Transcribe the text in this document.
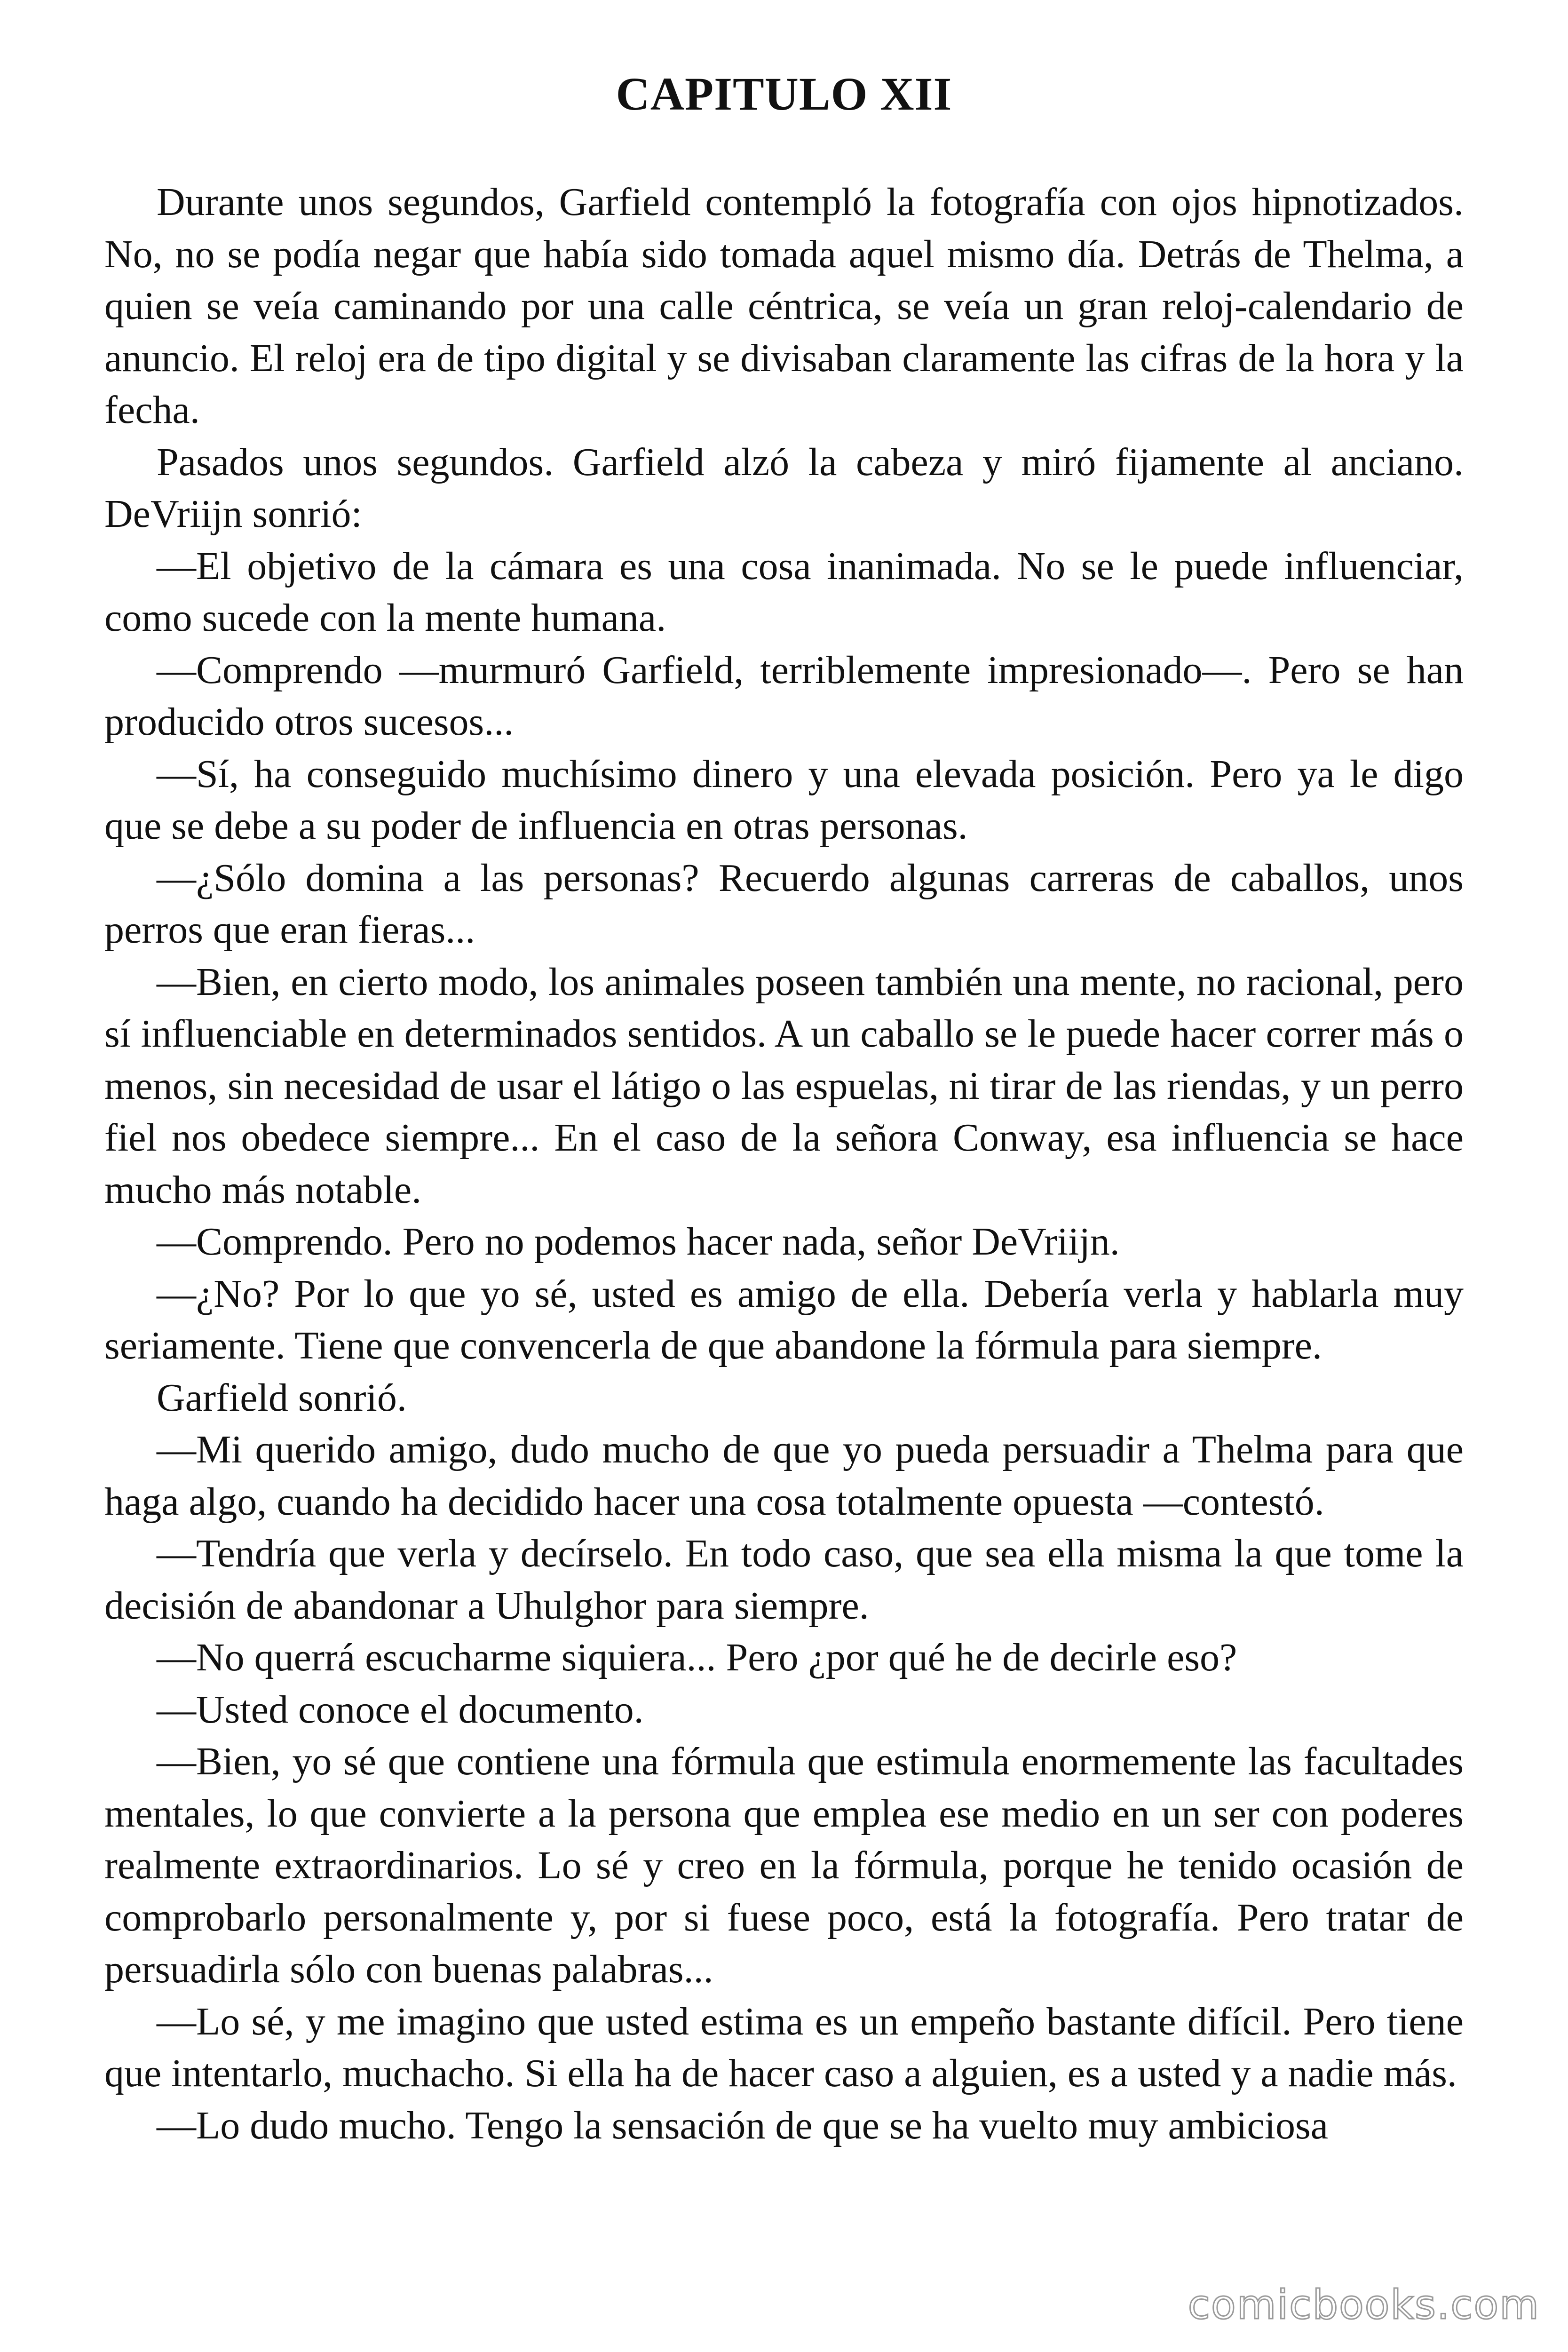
CAPITULO XII

Durante unos segundos, Garfield contempló la fotografía con ojos hipnotizados. No, no se podía negar que había sido tomada aquel mismo día. Detrás de Thelma, a quien se veía caminando por una calle céntrica, se veía un gran reloj-calendario de anuncio. El reloj era de tipo digital y se divisaban claramente las cifras de la hora y la fecha.

Pasados unos segundos. Garfield alzó la cabeza y miró fijamente al anciano. DeVriijn sonrió:

—El objetivo de la cámara es una cosa inanimada. No se le puede influenciar, como sucede con la mente humana.

—Comprendo —murmuró Garfield, terriblemente impresionado—. Pero se han producido otros sucesos...

—Sí, ha conseguido muchísimo dinero y una elevada posición. Pero ya le digo que se debe a su poder de influencia en otras personas.

—¿Sólo domina a las personas? Recuerdo algunas carreras de caballos, unos perros que eran fieras...

—Bien, en cierto modo, los animales poseen también una mente, no racional, pero sí influenciable en determinados sentidos. A un caballo se le puede hacer correr más o menos, sin necesidad de usar el látigo o las espuelas, ni tirar de las riendas, y un perro fiel nos obedece siempre... En el caso de la señora Conway, esa influencia se hace mucho más notable.

—Comprendo. Pero no podemos hacer nada, señor DeVriijn.

—¿No? Por lo que yo sé, usted es amigo de ella. Debería verla y hablarla muy seriamente. Tiene que convencerla de que abandone la fórmula para siempre.

Garfield sonrió.

—Mi querido amigo, dudo mucho de que yo pueda persuadir a Thelma para que haga algo, cuando ha decidido hacer una cosa totalmente opuesta —contestó.

—Tendría que verla y decírselo. En todo caso, que sea ella misma la que tome la decisión de abandonar a Uhulghor para siempre.

—No querrá escucharme siquiera... Pero ¿por qué he de decirle eso?

—Usted conoce el documento.

—Bien, yo sé que contiene una fórmula que estimula enormemente las facultades mentales, lo que convierte a la persona que emplea ese medio en un ser con poderes realmente extraordinarios. Lo sé y creo en la fórmula, porque he tenido ocasión de comprobarlo personalmente y, por si fuese poco, está la fotografía. Pero tratar de persuadirla sólo con buenas palabras...

—Lo sé, y me imagino que usted estima es un empeño bastante difícil. Pero tiene que intentarlo, muchacho. Si ella ha de hacer caso a alguien, es a usted y a nadie más.

—Lo dudo mucho. Tengo la sensación de que se ha vuelto muy ambiciosa

comicbooks.com
